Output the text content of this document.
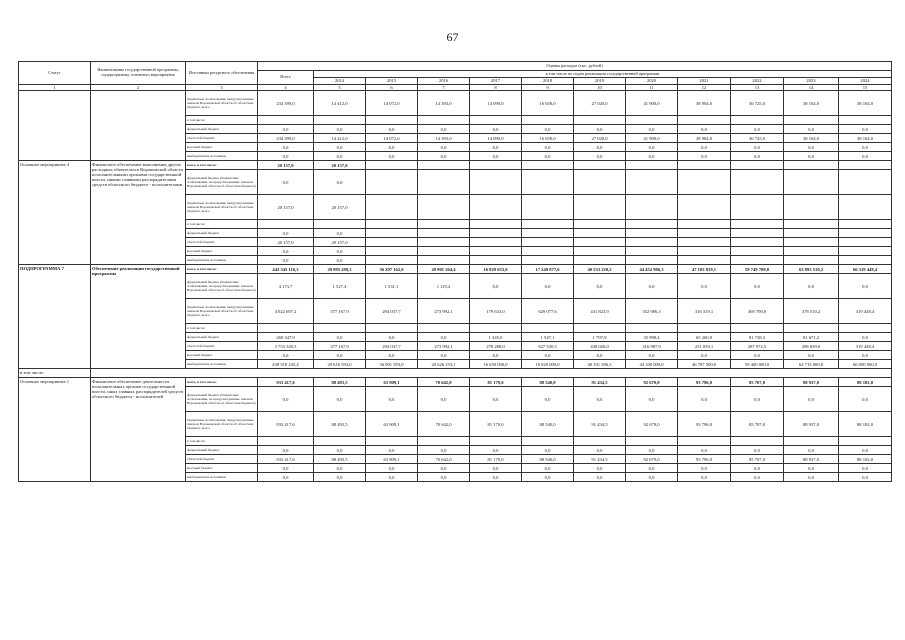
67
Статус	Наименование государственной программы, подпрограммы, основного мероприятия	Источники ресурсного обеспечения	Оценка расходов (тыс. рублей)											
			Всего	в том числе по годам реализации государственной программы										
				2014	2015	2016	2017	2018	2019	2020	2021	2022	2023	2024
1	2	3	4	5	6	7	8	9	10	11	12	13	14	15
		бюджетные ассигнования, предусмотренные законом Воронежской области об областном бюджете, всего	234 399,0	14 412,0	14 072,0	14 393,0	14 090,0	16 658,0	27 020,0	41 900,0	38 904,0	36 725,0	38 164,0	38 164,0
		в том числе:												
		федеральный бюджет	0,0	0,0	0,0	0,0	0,0	0,0	0,0	0,0	0,0	0,0	0,0	0,0
		областной бюджет	234 399,0	14 412,0	14 072,0	14 393,0	14 090,0	16 658,0	27 020,0	41 900,0	38 904,0	36 725,0	38 164,0	38 164,0
		местный бюджет	0,0	0,0	0,0	0,0	0,0	0,0	0,0	0,0	0,0	0,0	0,0	0,0
		внебюджетные источники	0,0	0,0	0,0	0,0	0,0	0,0	0,0	0,0	0,0	0,0	0,0	0,0
Основное мероприятие 4	Финансовое обеспечение выполнения других расходных обязательств Воронежской области исполнительными органами государственной власти, иными главными распорядителями средств областного бюджета - исполнителями	всего, в том числе:	20 157,0	20 157,0										
		федеральный бюджет (бюджетные ассигнования, не предусмотренные законом Воронежской области об областном бюджете)	0,0	0,0										
		бюджетные ассигнования, предусмотренные законом Воронежской области об областном бюджете, всего	20 157,0	20 157,0										
		в том числе:												
		федеральный бюджет	0,0	0,0										
		областной бюджет	20 157,0	20 157,0										
		местный бюджет	0,0	0,0										
		внебюджетные источники	0,0	0,0										
ПОДПРОГРАММА 7	Обеспечение реализации государственной программы	всего, в том числе:	442 545 116,3	29 995 289,3	36 297 162,0	20 901 264,4	16 829 633,0	17 249 077,6	40 533 220,2	44 452 986,3	47 103 819,1	59 749 700,0	63 093 510,2	66 319 448,4
		федеральный бюджет (бюджетные ассигнования, не предусмотренные законом Воронежской области об областном бюджете)	4 173,7	1 527,4	1 531,1	1 119,2	0,0	0,0	0,0	0,0	0,0	0,0	0,0	0,0
		бюджетные ассигнования, предусмотренные законом Воронежской области об областном бюджете, всего	4 022 697,2	377 167,9	294 037,7	273 992,1	179 633,0	629 077,6	431 823,9	352 986,3	316 319,1	369 700,0	378 510,2	319 448,4
		в том числе:												
		федеральный бюджет	269 347,9	0,0	0,0	0,0	1 345,0	1 547,1	1 797,9	35 998,4	65 260,0	81 728,3	81 671,2	0,0
		областной бюджет	3 753 349,3	377 167,9	294 037,7	273 992,1	278 288,0	627 530,5	430 026,0	316 987,9	251 059,1	287 972,5	296 839,0	319 448,4
		местный бюджет	0,0	0,0	0,0	0,0	0,0	0,0	0,0	0,0	0,0	0,0	0,0	0,0
		внебюджетные источники	438 518 245,4	29 616 593,0	36 001 593,0	20 626 153,1	16 650 000,0	16 620 000,0	40 101 396,3	44 100 000,0	46 787 500,0	59 400 000,0	62 715 000,0	66 000 000,0
в том числе:														
Основное мероприятие 1	Финансовое обеспечение деятельности исполнительных органов государственной власти, иных главных распорядителей средств областного бюджета - исполнителей	всего, в том числе:	933 417,6	88 493,5	63 909,1	70 642,0	81 179,0	88 540,0	91 434,5	92 679,0	93 796,0	85 707,0	88 937,0	88 102,0
		федеральный бюджет (бюджетные ассигнования, не предусмотренные законом Воронежской области об областном бюджете)	0,0	0,0	0,0	0,0	0,0	0,0	0,0	0,0	0,0	0,0	0,0	0,0
		бюджетные ассигнования, предусмотренные законом Воронежской области об областном бюджете, всего	933 417,6	88 493,5	63 909,1	70 642,0	81 179,0	88 540,0	91 434,5	92 679,0	93 796,0	85 707,0	88 937,0	88 102,0
		в том числе:												
		федеральный бюджет	0,0	0,0	0,0	0,0	0,0	0,0	0,0	0,0	0,0	0,0	0,0	0,0
		областной бюджет	933 417,6	88 493,5	63 909,1	70 642,0	81 179,0	88 540,0	91 434,5	92 679,0	93 796,0	85 707,0	88 937,0	88 102,0
		местный бюджет	0,0	0,0	0,0	0,0	0,0	0,0	0,0	0,0	0,0	0,0	0,0	0,0
		внебюджетные источники	0,0	0,0	0,0	0,0	0,0	0,0	0,0	0,0	0,0	0,0	0,0	0,0
